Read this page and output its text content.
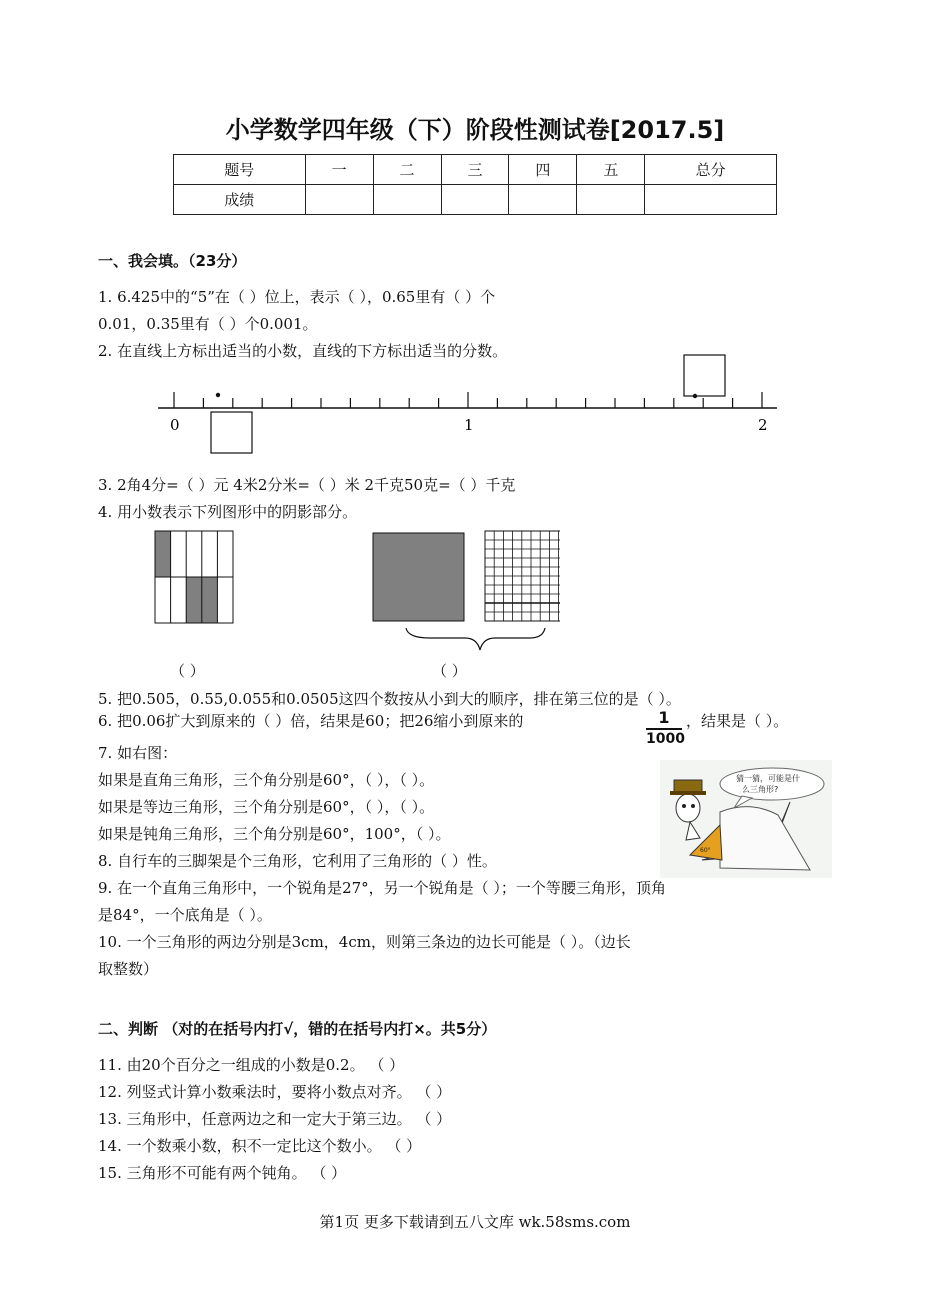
小学数学四年级（下）阶段性测试卷[2017.5]
题号	一	二	三	四	五	总分
成绩						
一、我会填。（23分）
1. 6.425中的“5”在（ ）位上，表示（ ），0.65里有（ ）个
0.01，0.35里有（ ）个0.001。
2. 在直线上方标出适当的小数，直线的下方标出适当的分数。
0	1	2
3. 2角4分=（ ）元 4米2分米=（ ）米 2千克50克=（ ）千克
4. 用小数表示下列图形中的阴影部分。
（ ）	（ ）
5. 把0.505，0.55,0.055和0.0505这四个数按从小到大的顺序，排在第三位的是（ ）。
6. 把0.06扩大到原来的（ ）倍，结果是60；把26缩小到原来的	$\frac{1}{1000}$ ，结果是（ ）。
7. 如右图：
如果是直角三角形，三个角分别是60°，（ ），（ ）。
如果是等边三角形，三个角分别是60°，（ ），（ ）。
如果是钝角三角形，三个角分别是60°，100°，（ ）。
8. 自行车的三脚架是个三角形，它利用了三角形的（ ）性。
9. 在一个直角三角形中，一个锐角是27°，另一个锐角是（ ）；一个等腰三角形，顶角
是84°，一个底角是（ ）。
60°
猜一猜，可能是什
么三角形?
10. 一个三角形的两边分别是3cm，4cm，则第三条边的边长可能是（ ）。（边长
取整数）
二、判断 （对的在括号内打√，错的在括号内打×。共5分）
11. 由20个百分之一组成的小数是0.2。 （ ）
12. 列竖式计算小数乘法时，要将小数点对齐。 （ ）
13. 三角形中，任意两边之和一定大于第三边。 （ ）
14. 一个数乘小数，积不一定比这个数小。 （ ）
15. 三角形不可能有两个钝角。 （ ）
第1页 更多下载请到五八文库 wk.58sms.com
